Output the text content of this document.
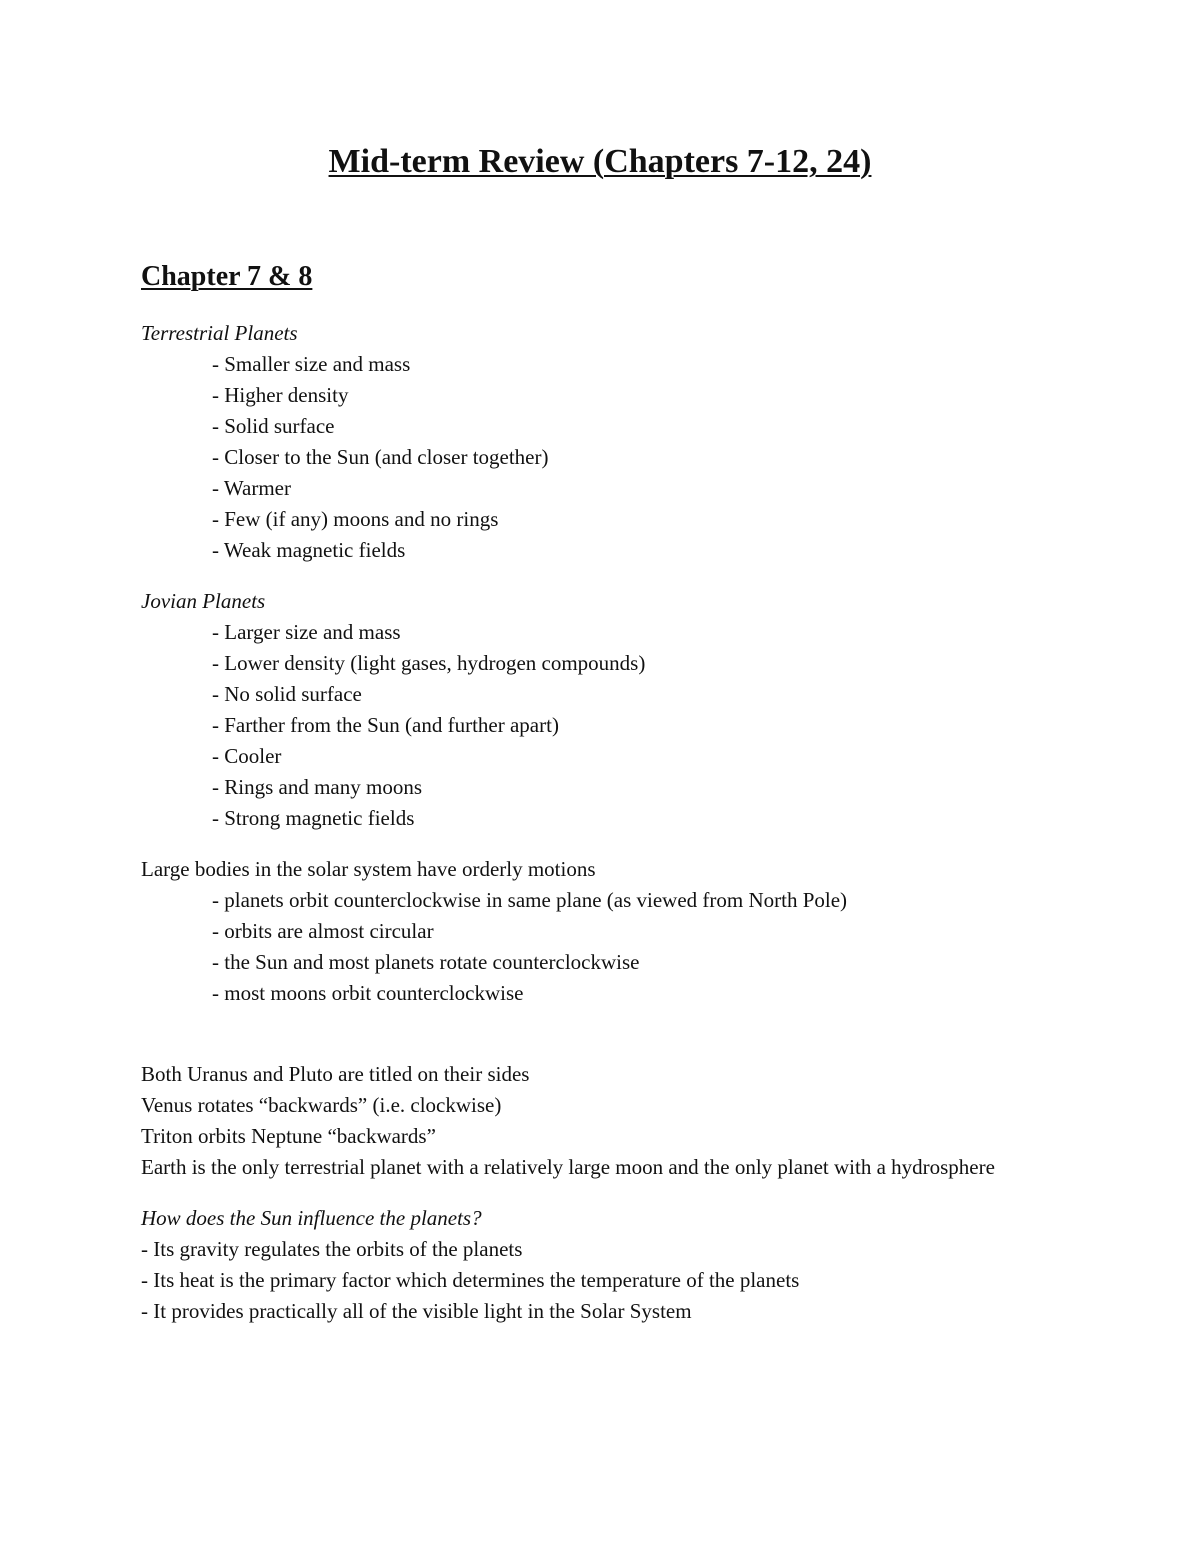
Mid-term Review (Chapters 7-12, 24)
Chapter 7 & 8
Terrestrial Planets
- Smaller size and mass
- Higher density
- Solid surface
- Closer to the Sun (and closer together)
- Warmer
- Few (if any) moons and no rings
- Weak magnetic fields
Jovian Planets
- Larger size and mass
- Lower density (light gases, hydrogen compounds)
- No solid surface
- Farther from the Sun (and further apart)
- Cooler
- Rings and many moons
- Strong magnetic fields
Large bodies in the solar system have orderly motions
- planets orbit counterclockwise in same plane (as viewed from North Pole)
- orbits are almost circular
- the Sun and most planets rotate counterclockwise
- most moons orbit counterclockwise
Both Uranus and Pluto are titled on their sides
Venus rotates “backwards” (i.e. clockwise)
Triton orbits Neptune “backwards”
Earth is the only terrestrial planet with a relatively large moon and the only planet with a hydrosphere
How does the Sun influence the planets?
- Its gravity regulates the orbits of the planets
- Its heat is the primary factor which determines the temperature of the planets
- It provides practically all of the visible light in the Solar System
